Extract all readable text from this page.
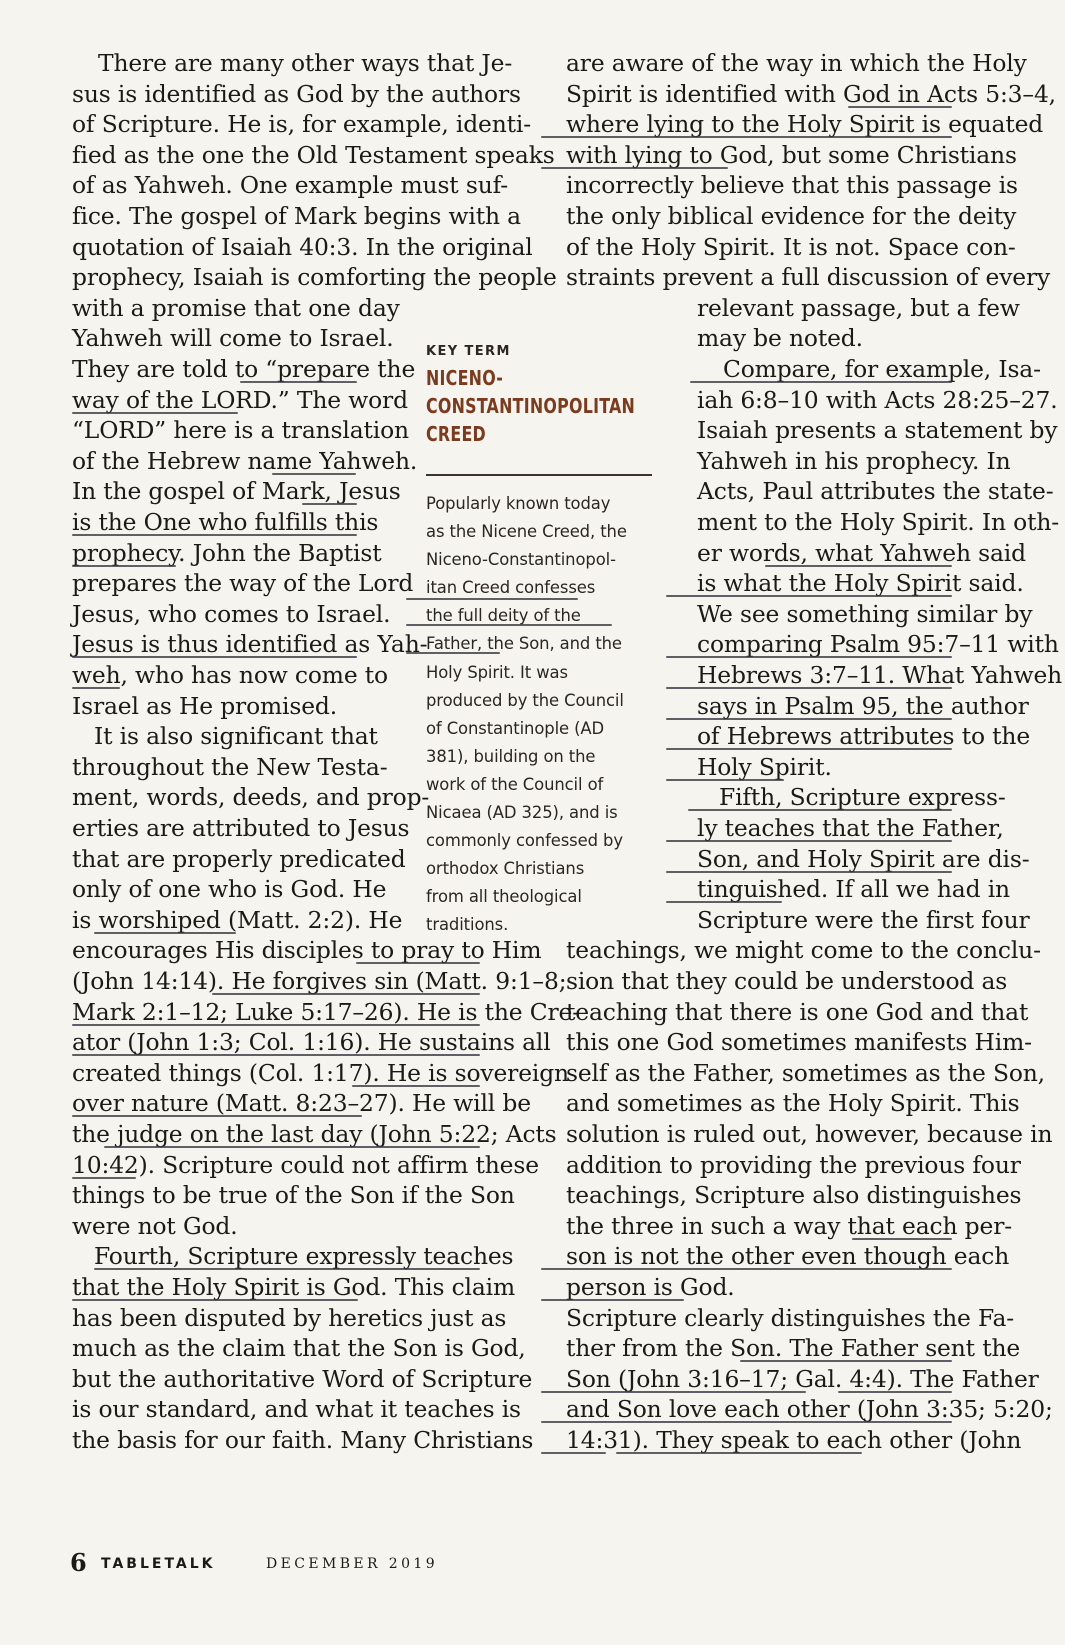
There are many other ways that Je-
sus is identified as God by the authors
of Scripture. He is, for example, identi-
fied as the one the Old Testament speaks
of as Yahweh. One example must suf-
fice. The gospel of Mark begins with a
quotation of Isaiah 40:3. In the original
prophecy, Isaiah is comforting the people
with a promise that one day
Yahweh will come to Israel.
They are told to “prepare the
way of the LORD.” The word
“LORD” here is a translation
of the Hebrew name Yahweh.
In the gospel of Mark, Jesus
is the One who fulfills this
prophecy. John the Baptist
prepares the way of the Lord
Jesus, who comes to Israel.
Jesus is thus identified as Yah-
weh, who has now come to
Israel as He promised.
It is also significant that
throughout the New Testa-
ment, words, deeds, and prop-
erties are attributed to Jesus
that are properly predicated
only of one who is God. He
is worshiped (Matt. 2:2). He
encourages His disciples to pray to Him
(John 14:14). He forgives sin (Matt. 9:1–8;
Mark 2:1–12; Luke 5:17–26). He is the Cre-
ator (John 1:3; Col. 1:16). He sustains all
created things (Col. 1:17). He is sovereign
over nature (Matt. 8:23–27). He will be
the judge on the last day (John 5:22; Acts
10:42). Scripture could not affirm these
things to be true of the Son if the Son
were not God.
Fourth, Scripture expressly teaches
that the Holy Spirit is God. This claim
has been disputed by heretics just as
much as the claim that the Son is God,
but the authoritative Word of Scripture
is our standard, and what it teaches is
the basis for our faith. Many Christians
are aware of the way in which the Holy
Spirit is identified with God in Acts 5:3–4,
where lying to the Holy Spirit is equated
with lying to God, but some Christians
incorrectly believe that this passage is
the only biblical evidence for the deity
of the Holy Spirit. It is not. Space con-
straints prevent a full discussion of every
relevant passage, but a few
may be noted.
Compare, for example, Isa-
iah 6:8–10 with Acts 28:25–27.
Isaiah presents a statement by
Yahweh in his prophecy. In
Acts, Paul attributes the state-
ment to the Holy Spirit. In oth-
er words, what Yahweh said
is what the Holy Spirit said.
We see something similar by
comparing Psalm 95:7–11 with
Hebrews 3:7–11. What Yahweh
says in Psalm 95, the author
of Hebrews attributes to the
Holy Spirit.
Fifth, Scripture express-
ly teaches that the Father,
Son, and Holy Spirit are dis-
tinguished. If all we had in
Scripture were the first four
teachings, we might come to the conclu-
sion that they could be understood as
teaching that there is one God and that
this one God sometimes manifests Him-
self as the Father, sometimes as the Son,
and sometimes as the Holy Spirit. This
solution is ruled out, however, because in
addition to providing the previous four
teachings, Scripture also distinguishes
the three in such a way that each per-
son is not the other even though each
person is God.
Scripture clearly distinguishes the Fa-
ther from the Son. The Father sent the
Son (John 3:16–17; Gal. 4:4). The Father
and Son love each other (John 3:35; 5:20;
14:31). They speak to each other (John
KEY TERM
NICENO-
CONSTANTINOPOLITAN
CREED
Popularly known today
as the Nicene Creed, the
Niceno-Constantinopol-
itan Creed confesses
the full deity of the
Father, the Son, and the
Holy Spirit. It was
produced by the Council
of Constantinople (AD
381), building on the
work of the Council of
Nicaea (AD 325), and is
commonly confessed by
orthodox Christians
from all theological
traditions.
6 TABLETALK	DECEMBER 2019
